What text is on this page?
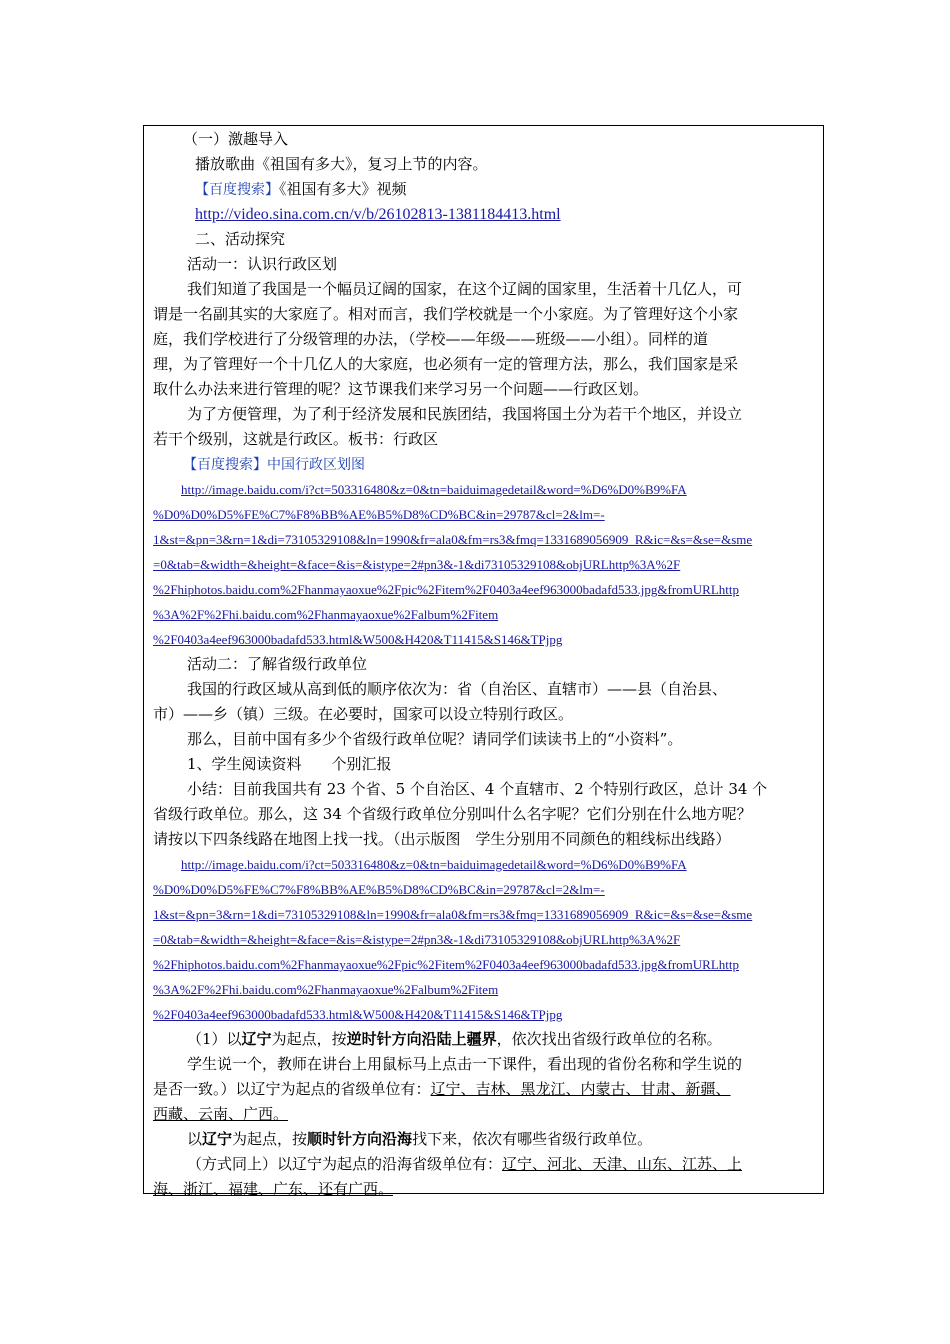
（一）激趣导入
播放歌曲《祖国有多大》，复习上节的内容。
【百度搜索】《祖国有多大》视频
http://video.sina.com.cn/v/b/26102813-1381184413.html
二、活动探究
活动一：认识行政区划
我们知道了我国是一个幅员辽阔的国家，在这个辽阔的国家里，生活着十几亿人，可
谓是一名副其实的大家庭了。相对而言，我们学校就是一个小家庭。为了管理好这个小家
庭，我们学校进行了分级管理的办法，（学校——年级——班级——小组）。同样的道
理，为了管理好一个十几亿人的大家庭，也必须有一定的管理方法，那么，我们国家是采
取什么办法来进行管理的呢？这节课我们来学习另一个问题——行政区划。
为了方便管理，为了利于经济发展和民族团结，我国将国土分为若干个地区，并设立
若干个级别，这就是行政区。板书：行政区
【百度搜索】中国行政区划图
http://image.baidu.com/i?ct=503316480&z=0&tn=baiduimagedetail&word=%D6%D0%B9%FA
%D0%D0%D5%FE%C7%F8%BB%AE%B5%D8%CD%BC&in=29787&cl=2&lm=-
1&st=&pn=3&rn=1&di=73105329108&ln=1990&fr=ala0&fm=rs3&fmq=1331689056909_R&ic=&s=&se=&sme
=0&tab=&width=&height=&face=&is=&istype=2#pn3&-1&di73105329108&objURLhttp%3A%2F
%2Fhiphotos.baidu.com%2Fhanmayaoxue%2Fpic%2Fitem%2F0403a4eef963000badafd533.jpg&fromURLhttp
%3A%2F%2Fhi.baidu.com%2Fhanmayaoxue%2Falbum%2Fitem
%2F0403a4eef963000badafd533.html&W500&H420&T11415&S146&TPjpg
活动二：了解省级行政单位
我国的行政区域从高到低的顺序依次为：省（自治区、直辖市）——县（自治县、
市）——乡（镇）三级。在必要时，国家可以设立特别行政区。
那么，目前中国有多少个省级行政单位呢？请同学们读读书上的“小资料”。
1、学生阅读资料　　个别汇报
小结：目前我国共有 23 个省、5 个自治区、4 个直辖市、2 个特别行政区，总计 34 个
省级行政单位。那么，这 34 个省级行政单位分别叫什么名字呢？它们分别在什么地方呢？
请按以下四条线路在地图上找一找。（出示版图　学生分别用不同颜色的粗线标出线路）
http://image.baidu.com/i?ct=503316480&z=0&tn=baiduimagedetail&word=%D6%D0%B9%FA
%D0%D0%D5%FE%C7%F8%BB%AE%B5%D8%CD%BC&in=29787&cl=2&lm=-
1&st=&pn=3&rn=1&di=73105329108&ln=1990&fr=ala0&fm=rs3&fmq=1331689056909_R&ic=&s=&se=&sme
=0&tab=&width=&height=&face=&is=&istype=2#pn3&-1&di73105329108&objURLhttp%3A%2F
%2Fhiphotos.baidu.com%2Fhanmayaoxue%2Fpic%2Fitem%2F0403a4eef963000badafd533.jpg&fromURLhttp
%3A%2F%2Fhi.baidu.com%2Fhanmayaoxue%2Falbum%2Fitem
%2F0403a4eef963000badafd533.html&W500&H420&T11415&S146&TPjpg
（1）以辽宁为起点，按逆时针方向沿陆上疆界，依次找出省级行政单位的名称。
学生说一个，教师在讲台上用鼠标马上点击一下课件，看出现的省份名称和学生说的
是否一致。）以辽宁为起点的省级单位有：辽宁、吉林、黑龙江、内蒙古、甘肃、新疆、
西藏、云南、广西。
以辽宁为起点，按顺时针方向沿海找下来，依次有哪些省级行政单位。
（方式同上）以辽宁为起点的沿海省级单位有：辽宁、河北、天津、山东、江苏、上
海、浙江、福建、广东、还有广西。
